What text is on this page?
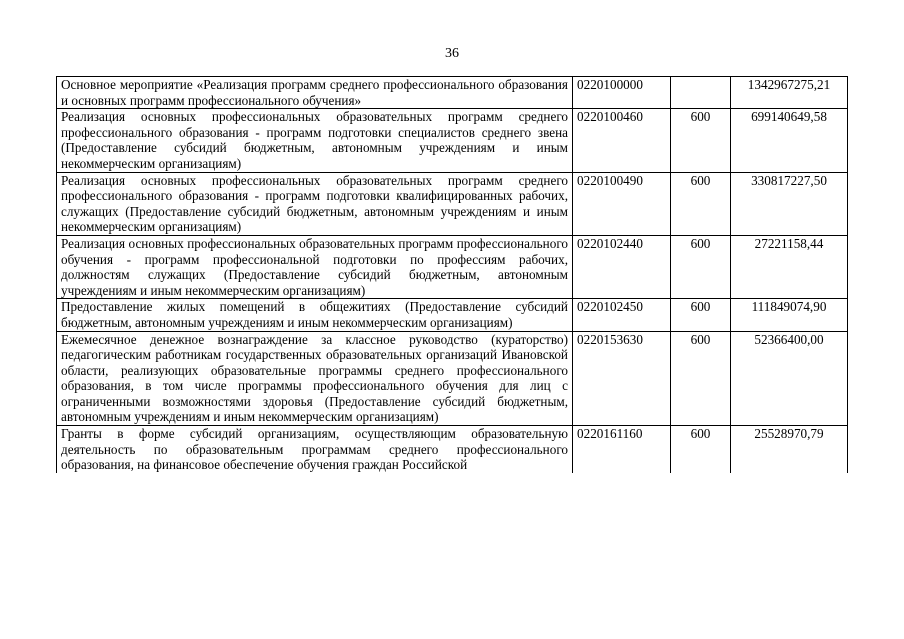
36
Основное мероприятие «Реализация программ среднего профессионального образования и основных программ профессионального обучения»	0220100000		1342967275,21
Реализация основных профессиональных образовательных программ среднего профессионального образования - программ подготовки специалистов среднего звена (Предоставление субсидий бюджетным, автономным учреждениям и иным некоммерческим организациям)	0220100460	600	699140649,58
Реализация основных профессиональных образовательных программ среднего профессионального образования - программ подготовки квалифицированных рабочих, служащих (Предоставление субсидий бюджетным, автономным учреждениям и иным некоммерческим организациям)	0220100490	600	330817227,50
Реализация основных профессиональных образовательных программ профессионального обучения - программ профессиональной подготовки по профессиям рабочих, должностям служащих (Предоставление субсидий бюджетным, автономным учреждениям и иным некоммерческим организациям)	0220102440	600	27221158,44
Предоставление жилых помещений в общежитиях (Предоставление субсидий бюджетным, автономным учреждениям и иным некоммерческим организациям)	0220102450	600	111849074,90
Ежемесячное денежное вознаграждение за классное руководство (кураторство) педагогическим работникам государственных образовательных организаций Ивановской области, реализующих образовательные программы среднего профессионального образования, в том числе программы профессионального обучения для лиц с ограниченными возможностями здоровья (Предоставление субсидий бюджетным, автономным учреждениям и иным некоммерческим организациям)	0220153630	600	52366400,00
Гранты в форме субсидий организациям, осуществляющим образовательную деятельность по образовательным программам среднего профессионального образования, на финансовое обеспечение обучения граждан Российской	0220161160	600	25528970,79
